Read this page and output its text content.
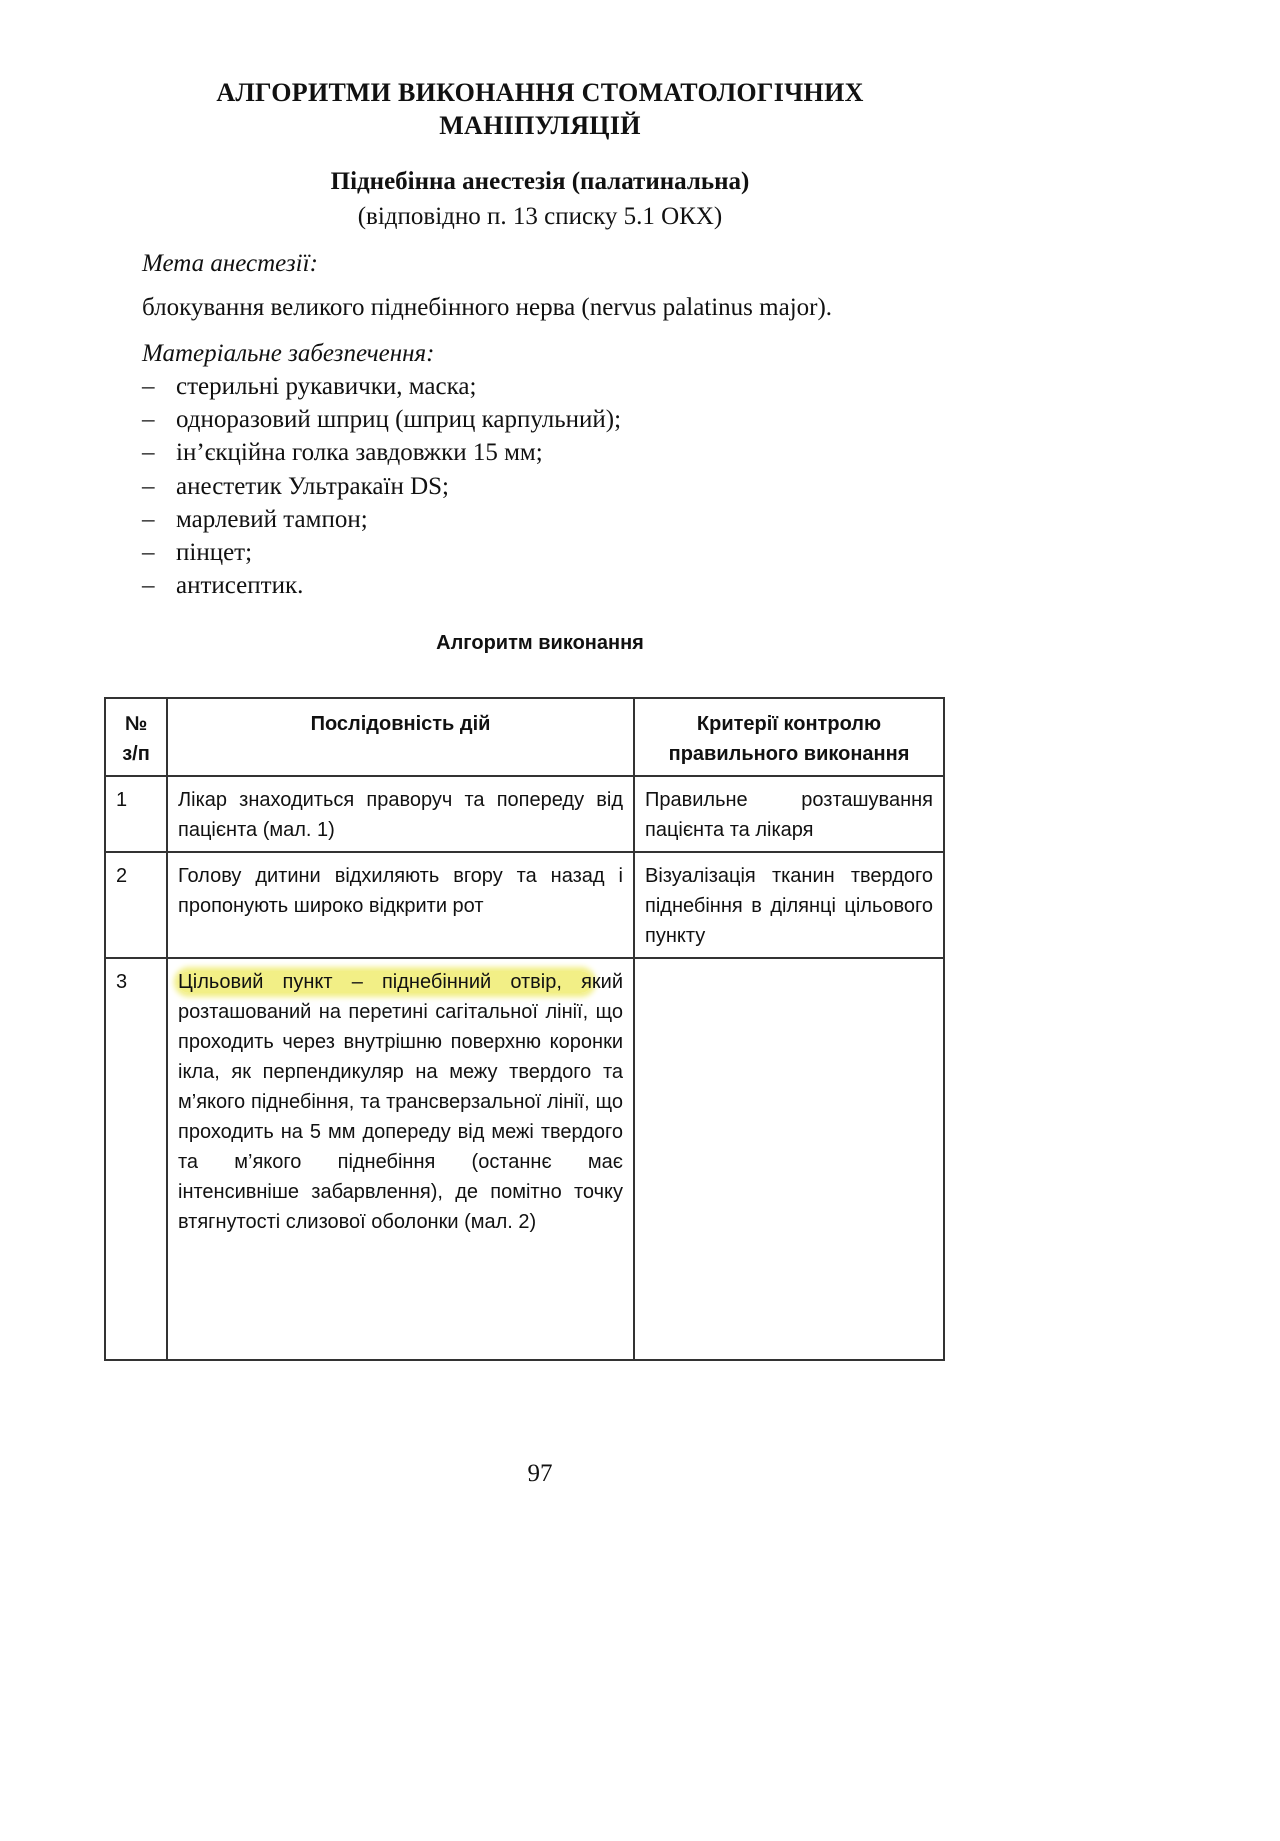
АЛГОРИТМИ ВИКОНАННЯ СТОМАТОЛОГІЧНИХ
МАНІПУЛЯЦІЙ
Піднебінна анестезія (палатинальна)
(відповідно п. 13 списку 5.1 ОКХ)
Мета анестезії:
блокування великого піднебінного нерва (nervus palatinus major).
Матеріальне забезпечення:
– стерильні рукавички, маска;
– одноразовий шприц (шприц карпульний);
– ін’єкційна голка завдовжки 15 мм;
– анестетик Ультракаїн DS;
– марлевий тампон;
– пінцет;
– антисептик.
Алгоритм виконання
№ з/п	Послідовність дій	Критерії контролю правильного виконання
1	Лікар знаходиться праворуч та попереду від пацієнта (мал. 1)	Правильне розташування пацієнта та лікаря
2	Голову дитини відхиляють вгору та назад і пропонують широко відкрити рот	Візуалізація тканин твердого піднебіння в ділянці цільового пункту
3	Цільовий пункт – піднебінний отвір, який розташований на перетині сагітальної лінії, що проходить через внутрішню поверхню коронки ікла, як перпендикуляр на межу твердого та м’якого піднебіння, та трансверзальної лінії, що проходить на 5 мм допереду від межі твердого та м’якого піднебіння (останнє має інтенсивніше забарвлення), де помітно точку втягнутості слизової оболонки (мал. 2)	
97
